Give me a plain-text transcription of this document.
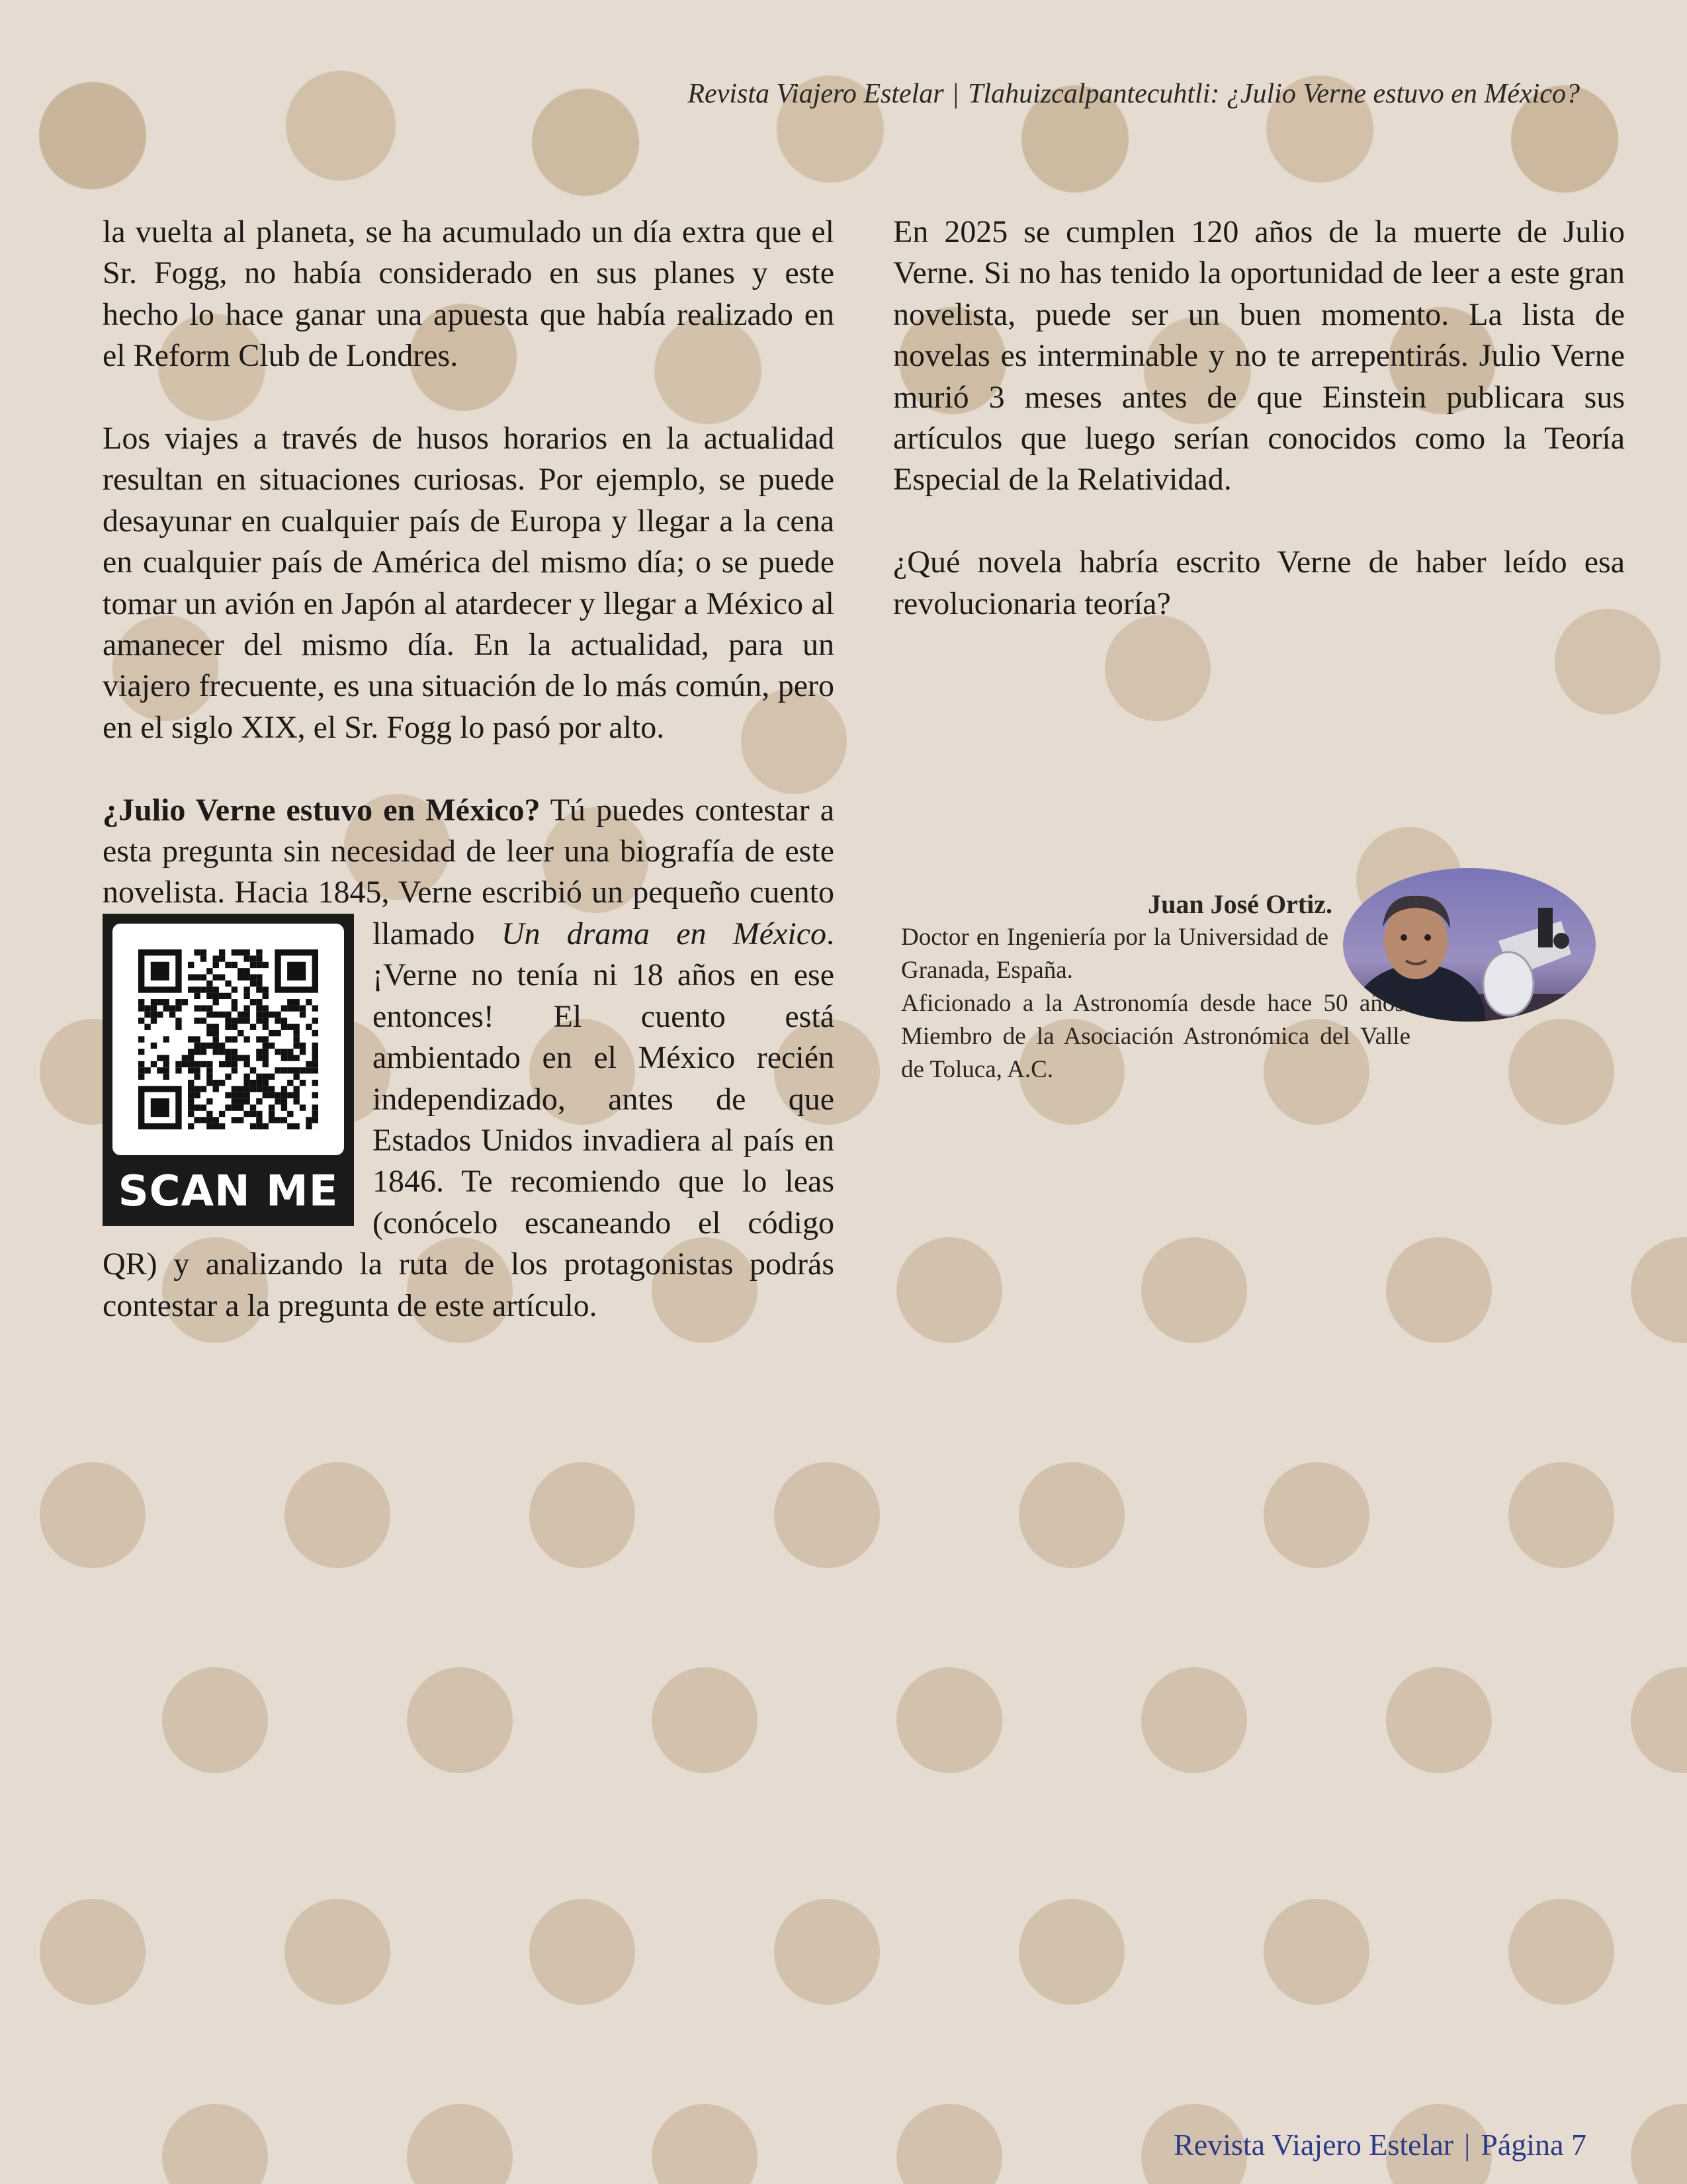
Revista Viajero Estelar | Tlahuizcalpantecuhtli: ¿Julio Verne estuvo en México?

la vuelta al planeta, se ha acumulado un día extra que el Sr. Fogg, no había considerado en sus planes y este hecho lo hace ganar una apuesta que había realizado en el Reform Club de Londres.

Los viajes a través de husos horarios en la actualidad resultan en situaciones curiosas. Por ejemplo, se puede desayunar en cualquier país de Europa y llegar a la cena en cualquier país de América del mismo día; o se puede tomar un avión en Japón al atardecer y llegar a México al amanecer del mismo día. En la actualidad, para un viajero frecuente, es una situación de lo más común, pero en el siglo XIX, el Sr. Fogg lo pasó por alto.

¿Julio Verne estuvo en México? Tú puedes contestar a esta pregunta sin necesidad de leer una biografía de este novelista. Hacia 1845, Verne escribió un pequeño cuento llamado Un drama en México
SCAN ME
. ¡Verne no tenía ni 18 años en ese entonces! El cuento está ambientado en el México recién independizado, antes de que Estados Unidos invadiera al país en 1846. Te recomiendo que lo leas (conócelo escaneando el código QR) y analizando la ruta de los protagonistas podrás contestar a la pregunta de este artículo.

En 2025 se cumplen 120 años de la muerte de Julio Verne. Si no has tenido la oportunidad de leer a este gran novelista, puede ser un buen momento. La lista de novelas es interminable y no te arrepentirás. Julio Verne murió 3 meses antes de que Einstein publicara sus artículos que luego serían conocidos como la Teoría Especial de la Relatividad.

¿Qué novela habría escrito Verne de haber leído esa revolucionaria teoría?

Juan José Ortiz.
Doctor en Ingeniería por la Universidad de Granada, España.
Aficionado a la Astronomía desde hace 50 años. Miembro de la Asociación Astronómica del Valle de Toluca, A.C.
Revista Viajero Estelar | Página 7
